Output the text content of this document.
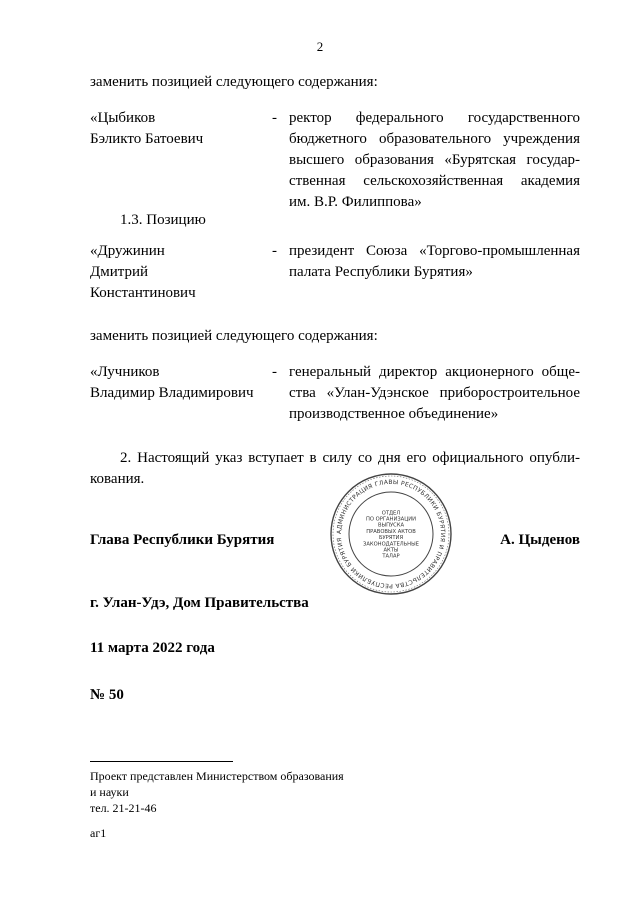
2
заменить позицией следующего содержания:
«Цыбиков
Бэликто Батоевич
- ректор федерального государственного
бюджетного образовательного учреждения
высшего образования «Бурятская государ-
ственная сельскохозяйственная академия
им. В.Р. Филиппова»
1.3. Позицию
«Дружинин
Дмитрий
Константинович
- президент Союза «Торгово-промышленная
палата Республики Бурятия»
заменить позицией следующего содержания:
«Лучников
Владимир Владимирович
- генеральный директор акционерного обще-
ства «Улан-Удэнское приборостроительное
производственное объединение»
2. Настоящий указ вступает в силу со дня его официального опубли-
кования.
АДМИНИСТРАЦИЯ ГЛАВЫ РЕСПУБЛИКИ БУРЯТИЯ И ПРАВИТЕЛЬСТВА РЕСПУБЛИКИ БУРЯТИЯ
ОТДЕЛ
ПО ОРГАНИЗАЦИИ
ВЫПУСКА
ПРАВОВЫХ АКТОВ
БУРЯТИЯ
ЗАКОНОДАТЕЛЬНЫЕ
АКТЫ
ТАЛАР
Глава Республики Бурятия	А. Цыденов
г. Улан-Удэ, Дом Правительства
11 марта 2022 года
№ 50
Проект представлен Министерством образования
и науки
тел. 21-21-46
аг1
